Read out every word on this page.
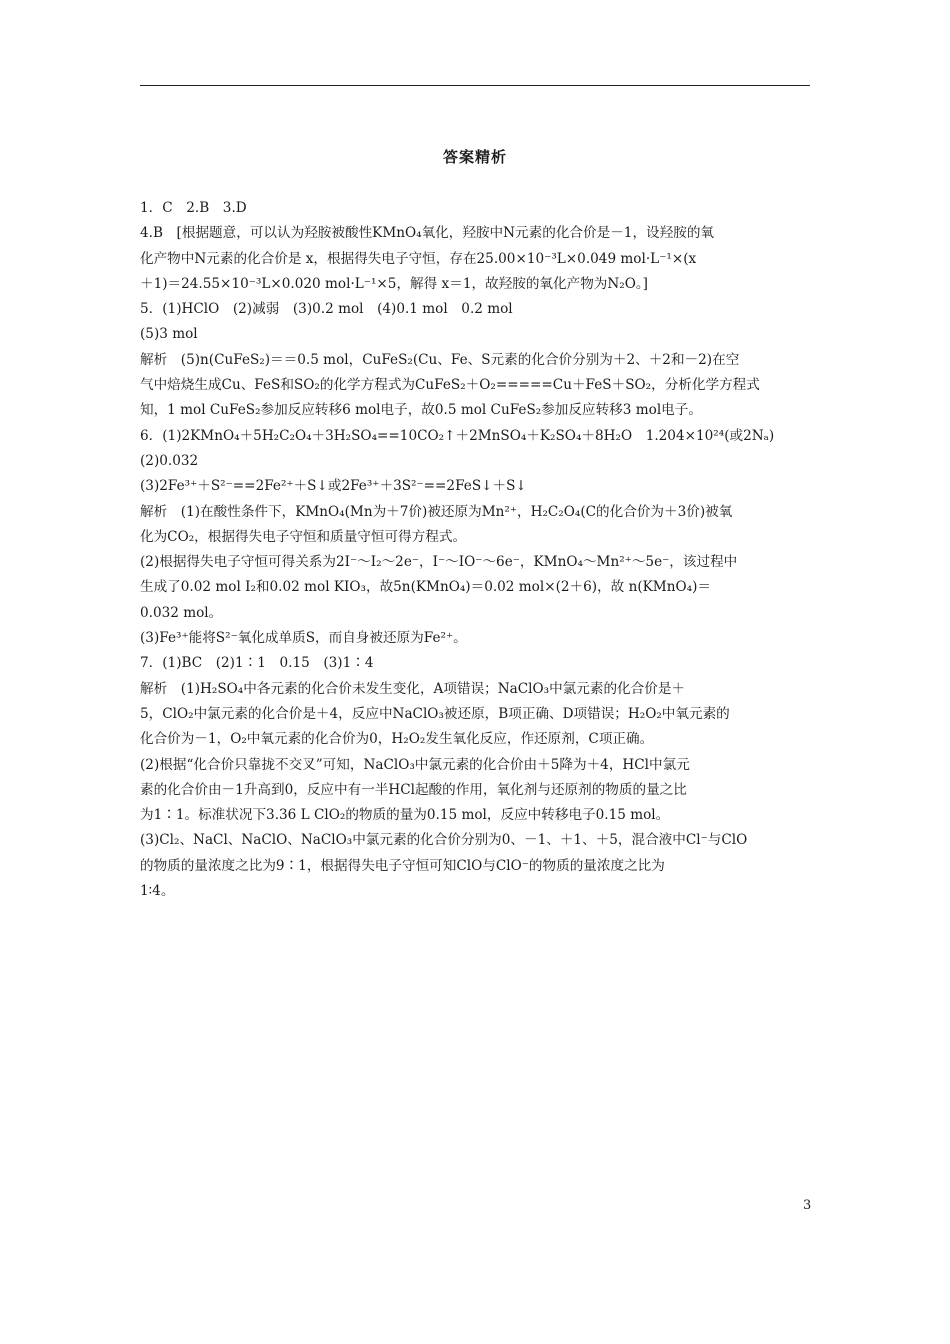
答案精析
1．C　2.B　3.D
4.B　[根据题意，可以认为羟胺被酸性KMnO₄氧化，羟胺中N元素的化合价是－1，设羟胺的氧
化产物中N元素的化合价是 x，根据得失电子守恒，存在25.00×10⁻³L×0.049 mol·L⁻¹×(x
＋1)＝24.55×10⁻³L×0.020 mol·L⁻¹×5，解得 x＝1，故羟胺的氧化产物为N₂O。]
5．(1)HClO　(2)减弱　(3)0.2 mol　(4)0.1 mol　0.2 mol
(5)3 mol
解析　(5)n(CuFeS₂)＝＝0.5 mol，CuFeS₂(Cu、Fe、S元素的化合价分别为＋2、＋2和－2)在空
气中焙烧生成Cu、FeS和SO₂的化学方程式为CuFeS₂＋O₂=====Cu＋FeS＋SO₂，分析化学方程式
知，1 mol CuFeS₂参加反应转移6 mol电子，故0.5 mol CuFeS₂参加反应转移3 mol电子。
6．(1)2KMnO₄＋5H₂C₂O₄＋3H₂SO₄==10CO₂↑＋2MnSO₄＋K₂SO₄＋8H₂O　1.204×10²⁴(或2Nₐ)
(2)0.032
(3)2Fe³⁺＋S²⁻==2Fe²⁺＋S↓或2Fe³⁺＋3S²⁻==2FeS↓＋S↓
解析　(1)在酸性条件下，KMnO₄(Mn为＋7价)被还原为Mn²⁺，H₂C₂O₄(C的化合价为＋3价)被氧
化为CO₂，根据得失电子守恒和质量守恒可得方程式。
(2)根据得失电子守恒可得关系为2I⁻～I₂～2e⁻，I⁻～IO⁻～6e⁻，KMnO₄～Mn²⁺～5e⁻，该过程中
生成了0.02 mol I₂和0.02 mol KIO₃，故5n(KMnO₄)＝0.02 mol×(2＋6)，故 n(KMnO₄)＝
0.032 mol。
(3)Fe³⁺能将S²⁻氧化成单质S，而自身被还原为Fe²⁺。
7．(1)BC　(2)1∶1　0.15　(3)1∶4
解析　(1)H₂SO₄中各元素的化合价未发生变化，A项错误；NaClO₃中氯元素的化合价是＋
5，ClO₂中氯元素的化合价是＋4，反应中NaClO₃被还原，B项正确、D项错误；H₂O₂中氧元素的
化合价为－1，O₂中氧元素的化合价为0，H₂O₂发生氧化反应，作还原剂，C项正确。
(2)根据“化合价只靠拢不交叉”可知，NaClO₃中氯元素的化合价由＋5降为＋4，HCl中氯元
素的化合价由－1升高到0，反应中有一半HCl起酸的作用，氧化剂与还原剂的物质的量之比
为1∶1。标准状况下3.36 L ClO₂的物质的量为0.15 mol，反应中转移电子0.15 mol。
(3)Cl₂、NaCl、NaClO、NaClO₃中氯元素的化合价分别为0、－1、＋1、＋5，混合液中Cl⁻与ClO
的物质的量浓度之比为9∶1，根据得失电子守恒可知ClO与ClO⁻的物质的量浓度之比为
1∶4。
3
